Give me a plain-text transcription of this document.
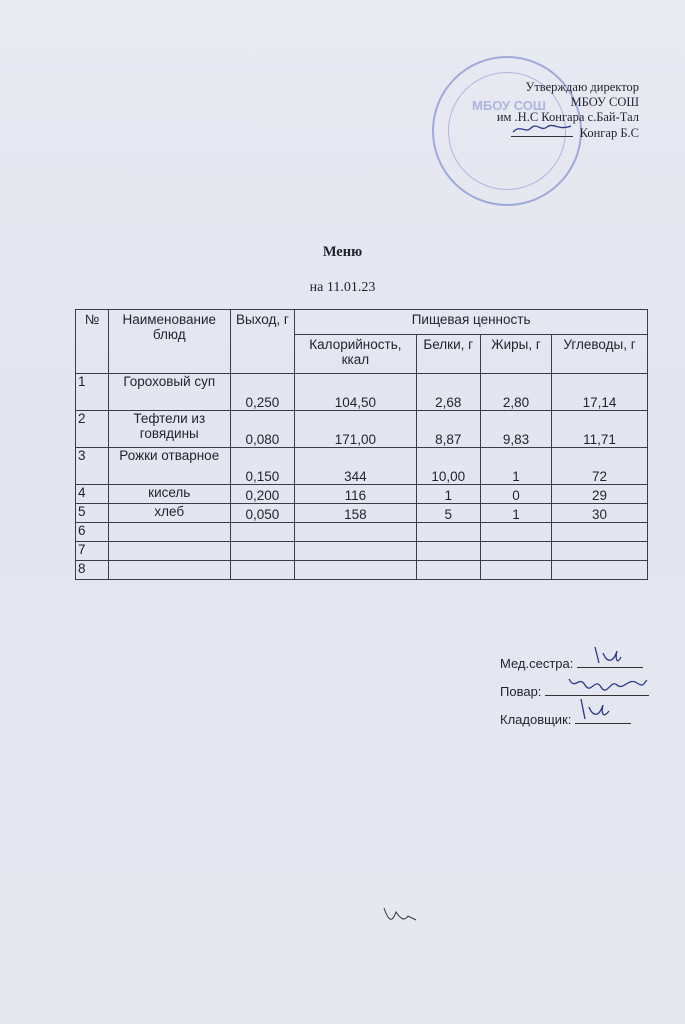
МБОУ СОШ
Утверждаю директор
МБОУ СОШ
им .Н.С Конгара с.Бай-Тал
Конгар Б.С
Меню
на 11.01.23
№	Наименование блюд	Выход, г	Пищевая ценность			
			Калорийность, ккал	Белки, г	Жиры, г	Углеводы, г
1	Гороховый суп	0,250	104,50	2,68	2,80	17,14
2	Тефтели из говядины	0,080	171,00	8,87	9,83	11,71
3	Рожки отварное	0,150	344	10,00	1	72
4	кисель	0,200	116	1	0	29
5	хлеб	0,050	158	5	1	30
6						
7						
8						
Мед.сестра:
Повар:
Кладовщик:
